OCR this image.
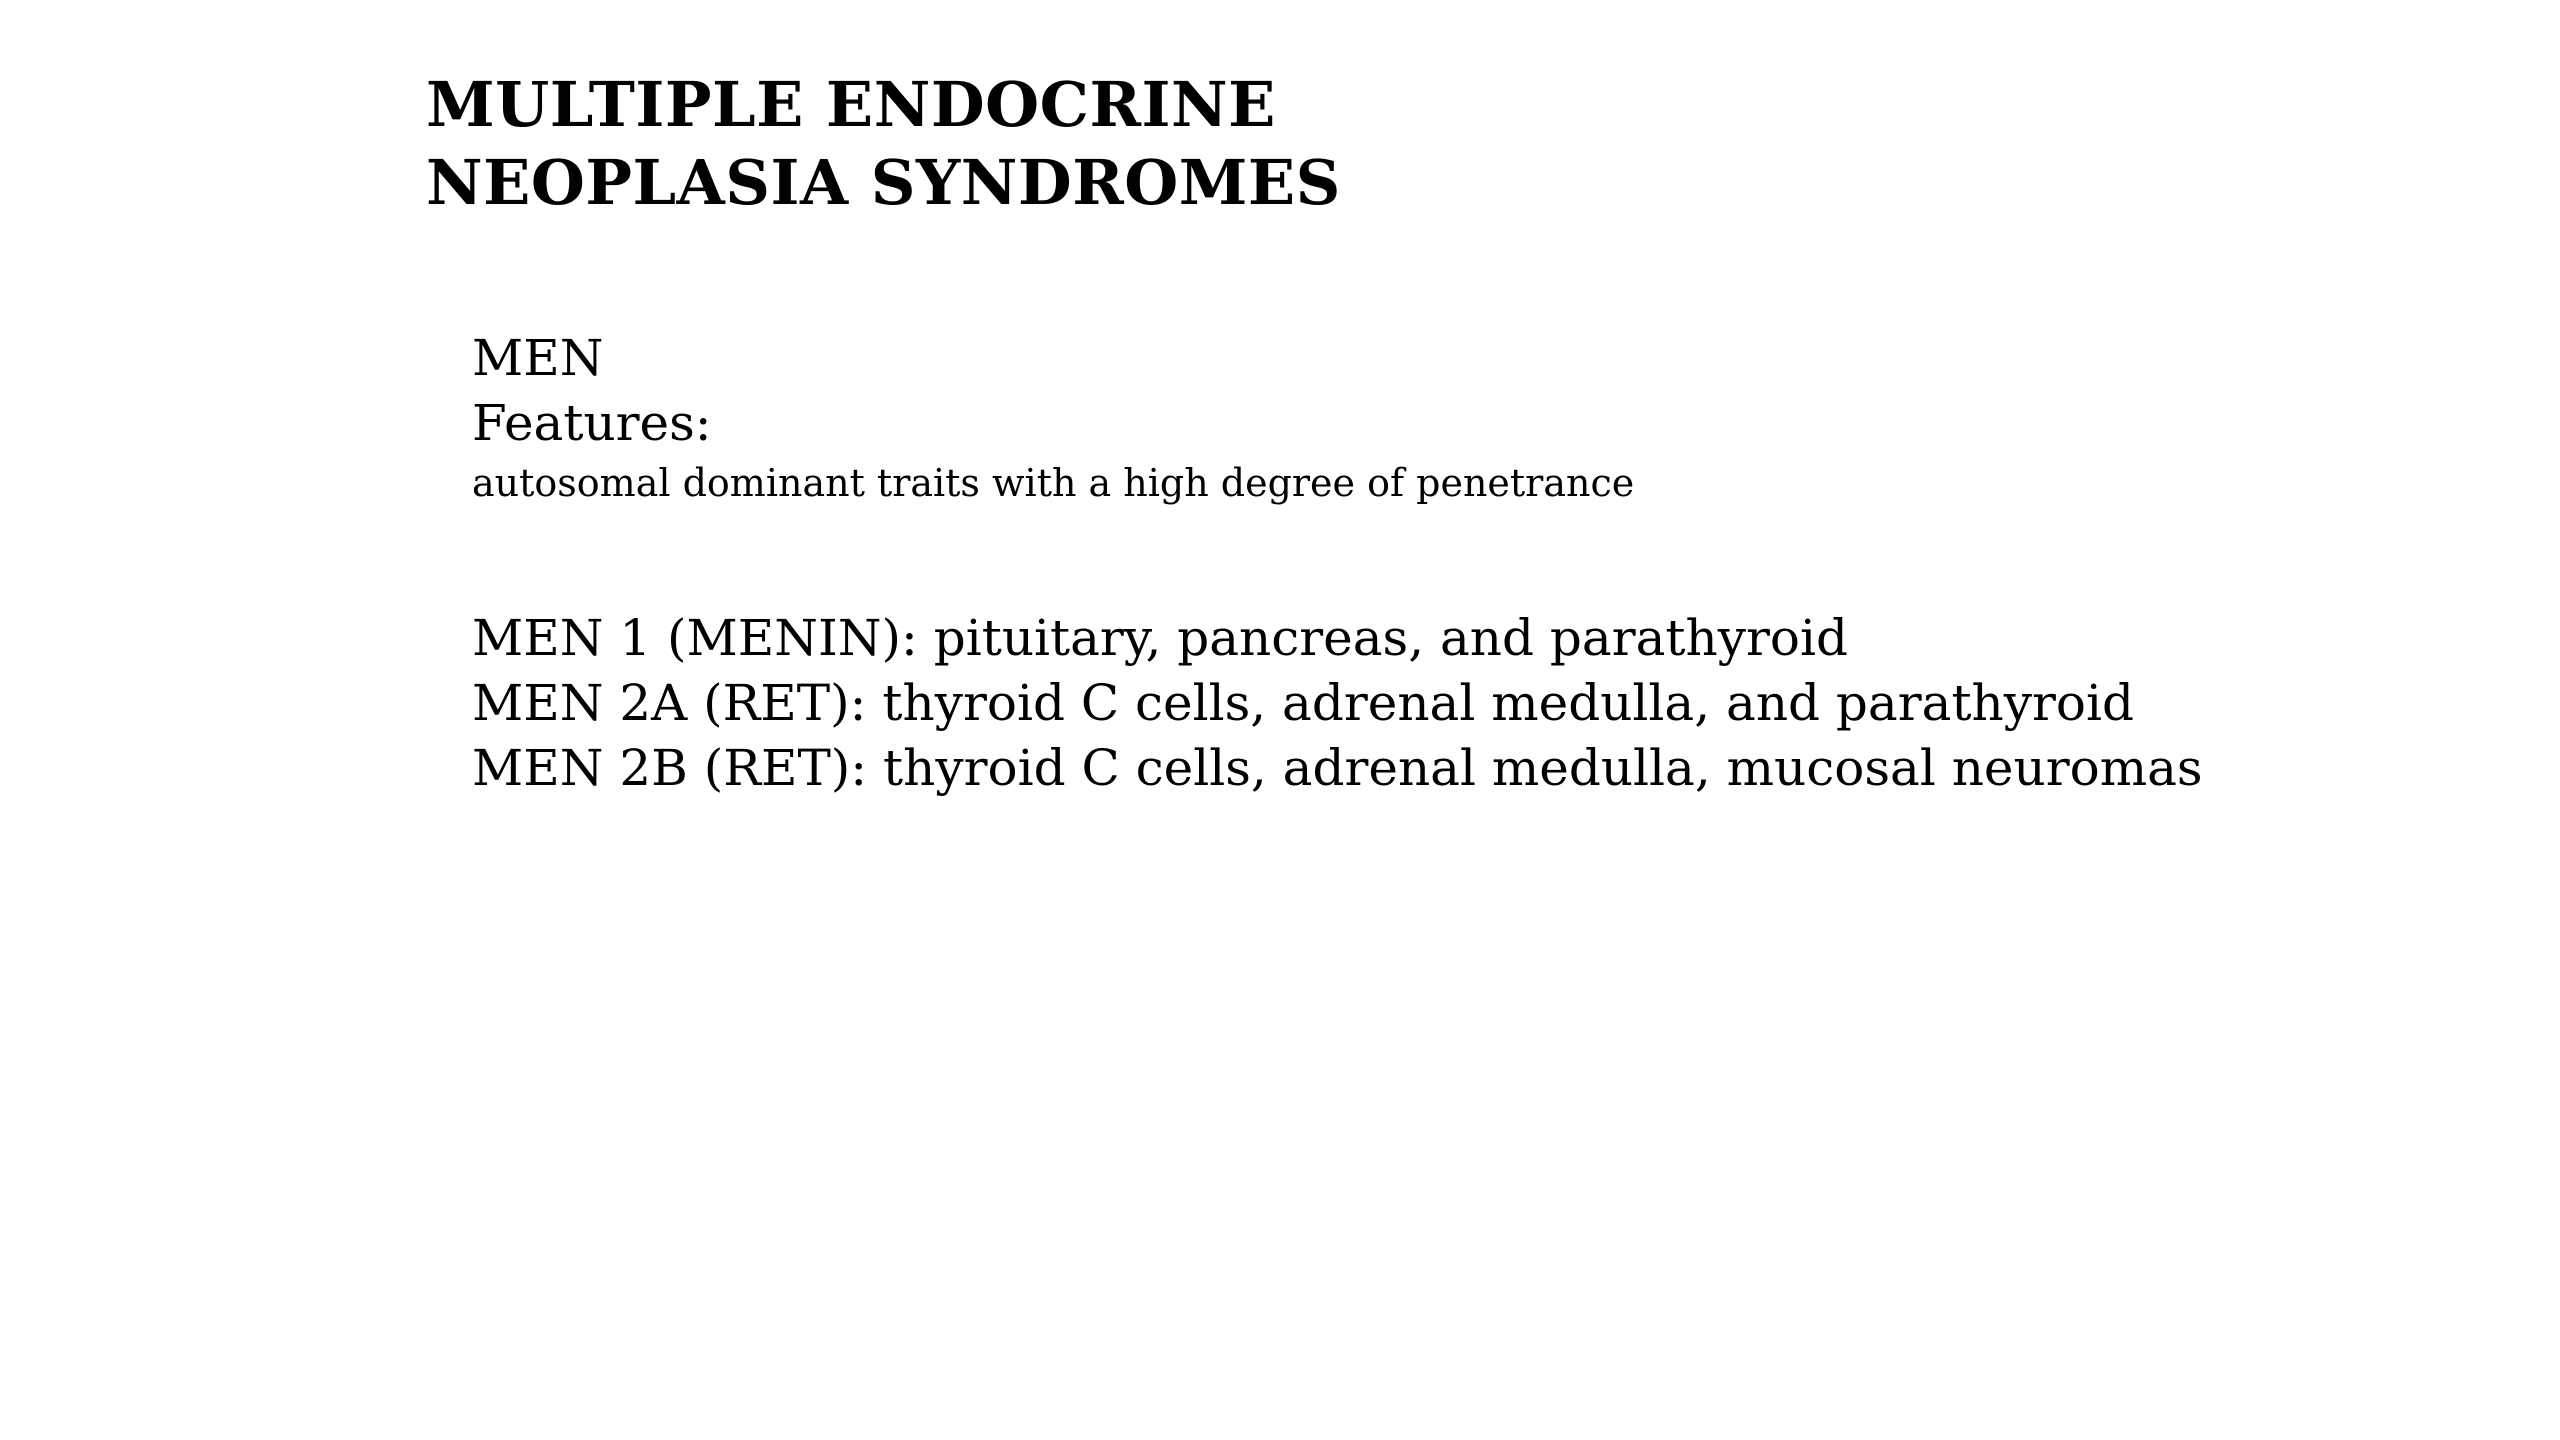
MULTIPLE ENDOCRINE
NEOPLASIA SYNDROMES
MEN
Features:
autosomal dominant traits with a high degree of penetrance
MEN 1 (MENIN): pituitary, pancreas, and parathyroid
MEN 2A (RET): thyroid C cells, adrenal medulla, and parathyroid
MEN 2B (RET): thyroid C cells, adrenal medulla, mucosal neuromas
